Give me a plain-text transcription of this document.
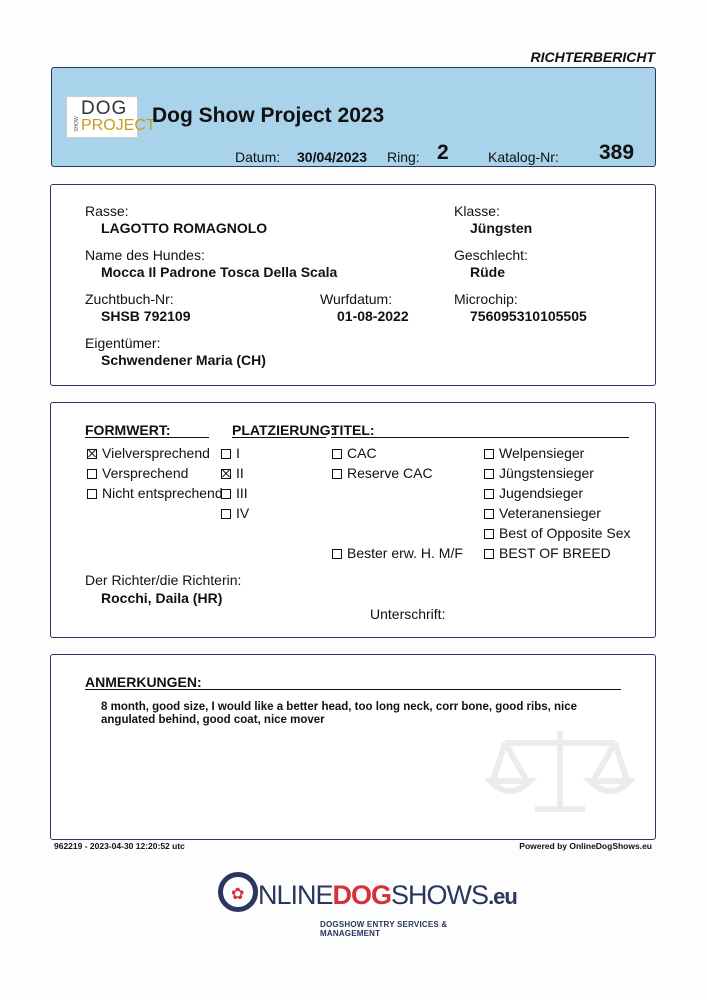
RICHTERBERICHT
SHOW
DOG
PROJECT
Dog Show Project 2023
Datum: 30/04/2023 Ring: 2	Katalog-Nr: 389
Rasse:
LAGOTTO ROMAGNOLO
Klasse:
Jüngsten
Name des Hundes:
Mocca Il Padrone Tosca Della Scala
Geschlecht:
Rüde
Zuchtbuch-Nr:
SHSB 792109
Wurfdatum:
01-08-2022
Microchip:
756095310105505
Eigentümer:
Schwendener Maria (CH)
FORMWERT:	PLATZIERUNG:
TITEL:
Vielversprechend
Versprechend
Nicht entsprechend
I
II
III
IV
CAC
Reserve CAC
Welpensieger
Jüngstensieger
Jugendsieger
Veteranensieger
Best of Opposite Sex
BEST OF BREED
Bester erw. H. M/F
Der Richter/die Richterin:
Rocchi, Daila (HR)
Unterschrift:
ANMERKUNGEN:
8 month, good size, I would like a better head, too long neck, corr bone, good ribs, nice angulated behind, good coat, nice mover
962219 - 2023-04-30 12:20:52 utc	Powered by OnlineDogShows.eu
✿ NLINEDOGSHOWS.eu
DOGSHOW ENTRY SERVICES & MANAGEMENT
